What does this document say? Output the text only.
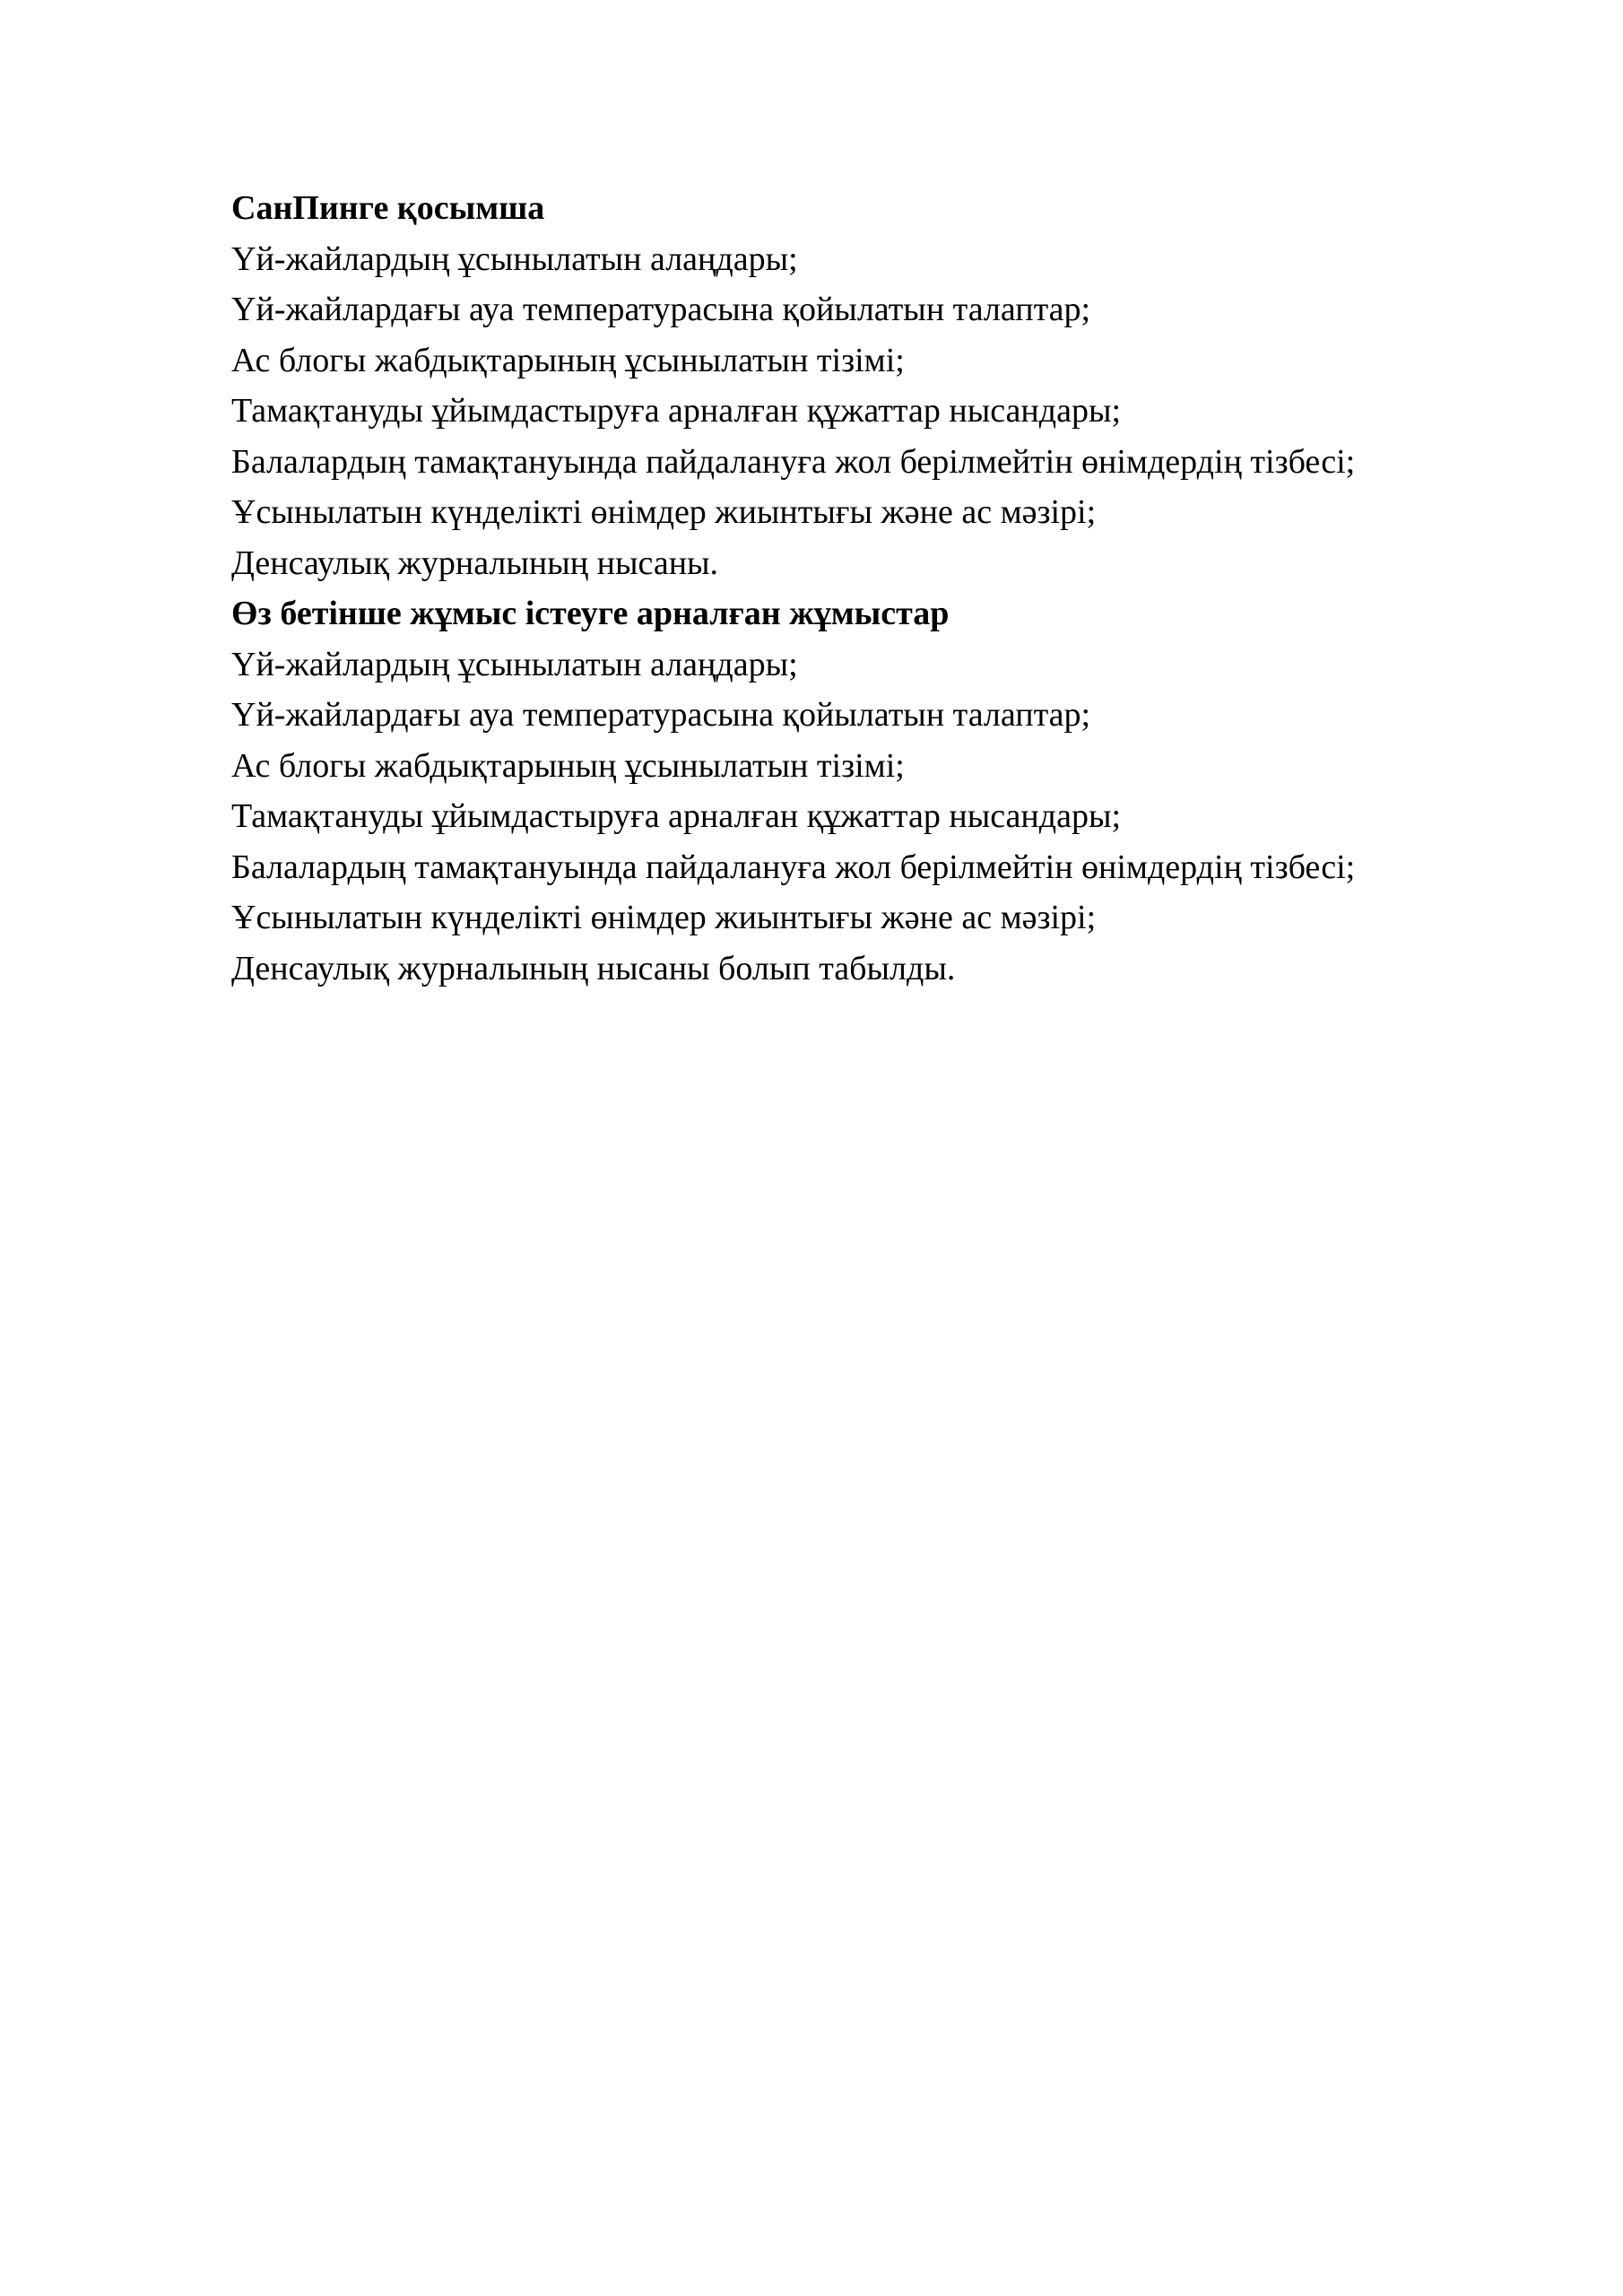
СанПинге қосымша

Үй-жайлардың ұсынылатын алаңдары;

Үй-жайлардағы ауа температурасына қойылатын талаптар;

Ас блогы жабдықтарының ұсынылатын тізімі;

Тамақтануды ұйымдастыруға арналған құжаттар нысандары;

Балалардың тамақтануында пайдалануға жол берілмейтін өнімдердің тізбесі;

Ұсынылатын күнделікті өнімдер жиынтығы және ас мәзірі;

Денсаулық журналының нысаны.

Өз бетінше жұмыс істеуге арналған жұмыстар

Үй-жайлардың ұсынылатын алаңдары;

Үй-жайлардағы ауа температурасына қойылатын талаптар;

Ас блогы жабдықтарының ұсынылатын тізімі;

Тамақтануды ұйымдастыруға арналған құжаттар нысандары;

Балалардың тамақтануында пайдалануға жол берілмейтін өнімдердің тізбесі;

Ұсынылатын күнделікті өнімдер жиынтығы және ас мәзірі;

Денсаулық журналының нысаны болып табылды.
